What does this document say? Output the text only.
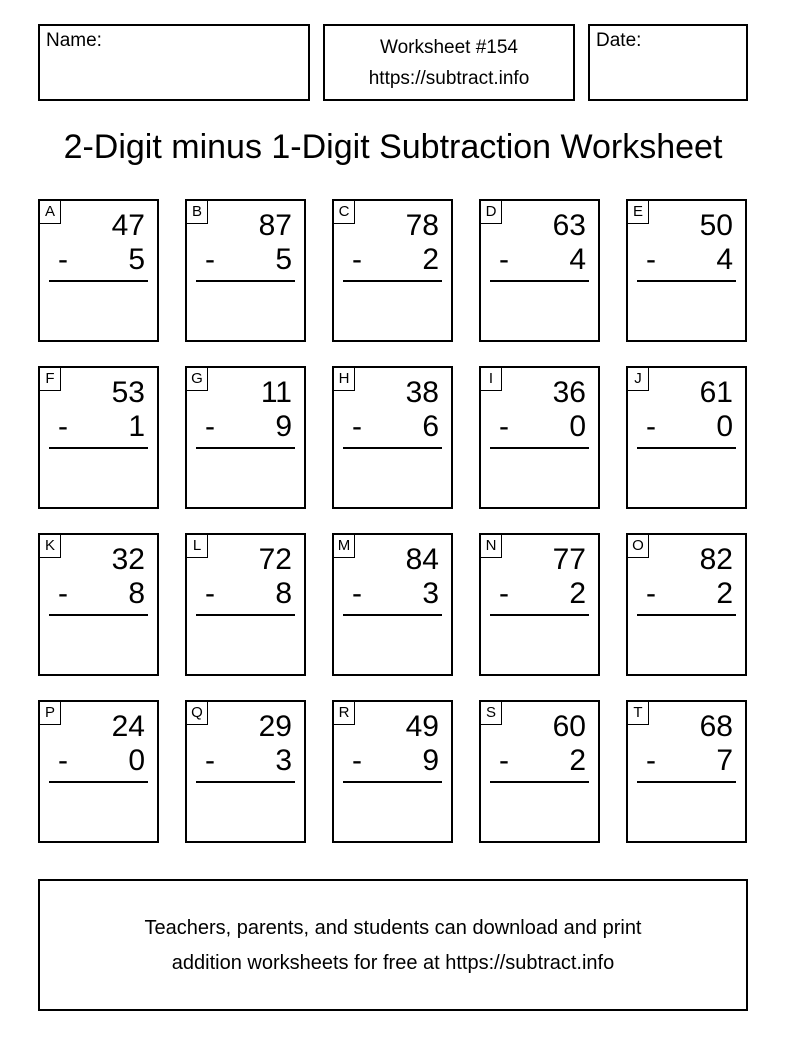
Name:	Worksheet #154
https://subtract.info
Date:
2-Digit minus 1-Digit Subtraction Worksheet
A 47
- 5
B 87
- 5
C 78
- 2
D 63
- 4
E 50
- 4
F 53
- 1
G 11
- 9
H 38
- 6
I 36
- 0
J 61
- 0
K 32
- 8
L 72
- 8
M 84
- 3
N 77
- 2
O 82
- 2
P 24
- 0
Q 29
- 3
R 49
- 9
S 60
- 2
T 68
- 7
Teachers, parents, and students can download and print
addition worksheets for free at https://subtract.info
